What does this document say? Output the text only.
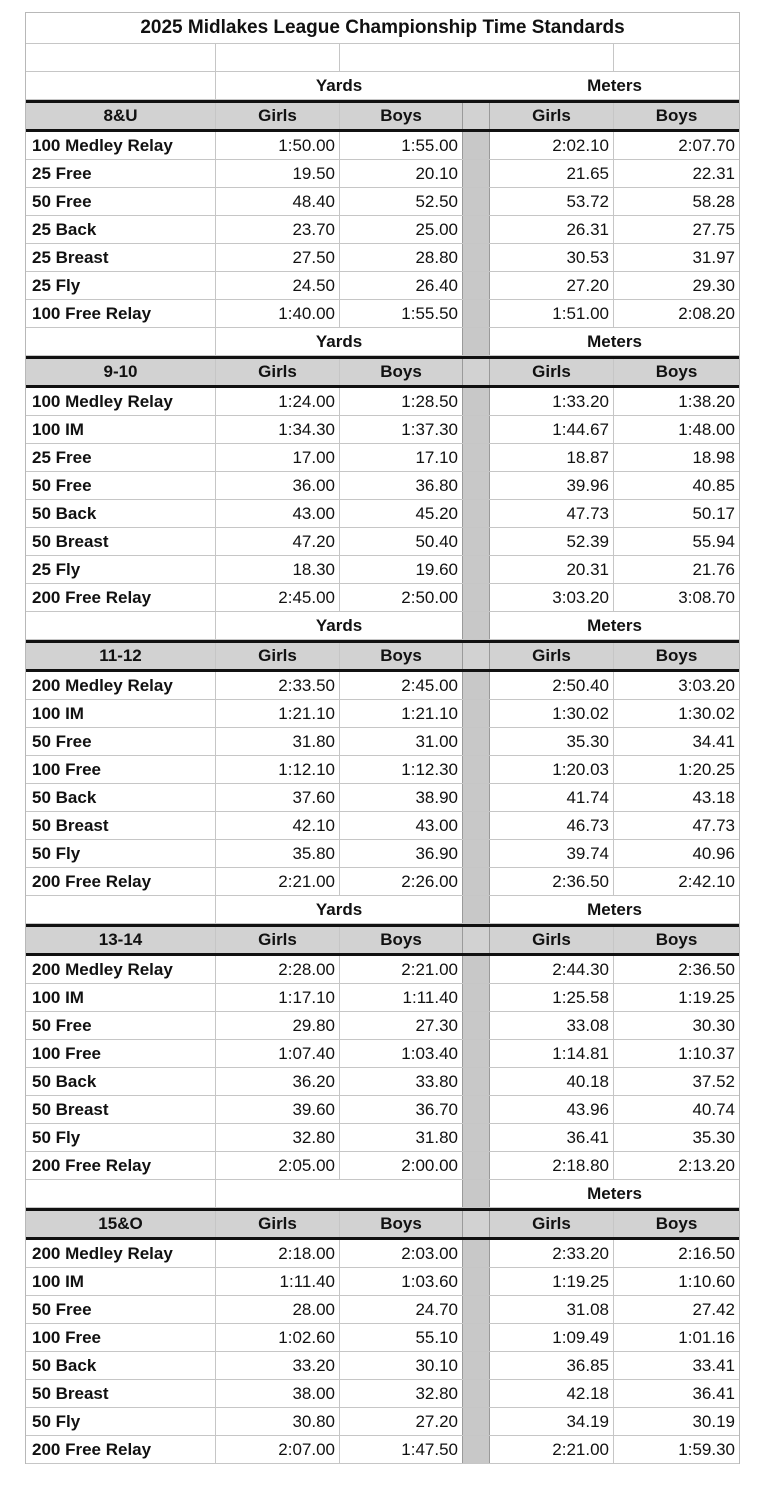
2025 Midlakes League Championship Time Standards
Yards	Meters
8&U	Girls	Boys	Girls	Boys
100 Medley Relay	1:50.00	1:55.00	2:02.10	2:07.70
25 Free	19.50	20.10	21.65	22.31
50 Free	48.40	52.50	53.72	58.28
25 Back	23.70	25.00	26.31	27.75
25 Breast	27.50	28.80	30.53	31.97
25 Fly	24.50	26.40	27.20	29.30
100 Free Relay	1:40.00	1:55.50	1:51.00	2:08.20
Yards	Meters
9-10	Girls	Boys	Girls	Boys
100 Medley Relay	1:24.00	1:28.50	1:33.20	1:38.20
100 IM	1:34.30	1:37.30	1:44.67	1:48.00
25 Free	17.00	17.10	18.87	18.98
50 Free	36.00	36.80	39.96	40.85
50 Back	43.00	45.20	47.73	50.17
50 Breast	47.20	50.40	52.39	55.94
25 Fly	18.30	19.60	20.31	21.76
200 Free Relay	2:45.00	2:50.00	3:03.20	3:08.70
Yards	Meters
11-12	Girls	Boys	Girls	Boys
200 Medley Relay	2:33.50	2:45.00	2:50.40	3:03.20
100 IM	1:21.10	1:21.10	1:30.02	1:30.02
50 Free	31.80	31.00	35.30	34.41
100 Free	1:12.10	1:12.30	1:20.03	1:20.25
50 Back	37.60	38.90	41.74	43.18
50 Breast	42.10	43.00	46.73	47.73
50 Fly	35.80	36.90	39.74	40.96
200 Free Relay	2:21.00	2:26.00	2:36.50	2:42.10
Yards	Meters
13-14	Girls	Boys	Girls	Boys
200 Medley Relay	2:28.00	2:21.00	2:44.30	2:36.50
100 IM	1:17.10	1:11.40	1:25.58	1:19.25
50 Free	29.80	27.30	33.08	30.30
100 Free	1:07.40	1:03.40	1:14.81	1:10.37
50 Back	36.20	33.80	40.18	37.52
50 Breast	39.60	36.70	43.96	40.74
50 Fly	32.80	31.80	36.41	35.30
200 Free Relay	2:05.00	2:00.00	2:18.80	2:13.20
Meters
15&O	Girls	Boys	Girls	Boys
200 Medley Relay	2:18.00	2:03.00	2:33.20	2:16.50
100 IM	1:11.40	1:03.60	1:19.25	1:10.60
50 Free	28.00	24.70	31.08	27.42
100 Free	1:02.60	55.10	1:09.49	1:01.16
50 Back	33.20	30.10	36.85	33.41
50 Breast	38.00	32.80	42.18	36.41
50 Fly	30.80	27.20	34.19	30.19
200 Free Relay	2:07.00	1:47.50	2:21.00	1:59.30
